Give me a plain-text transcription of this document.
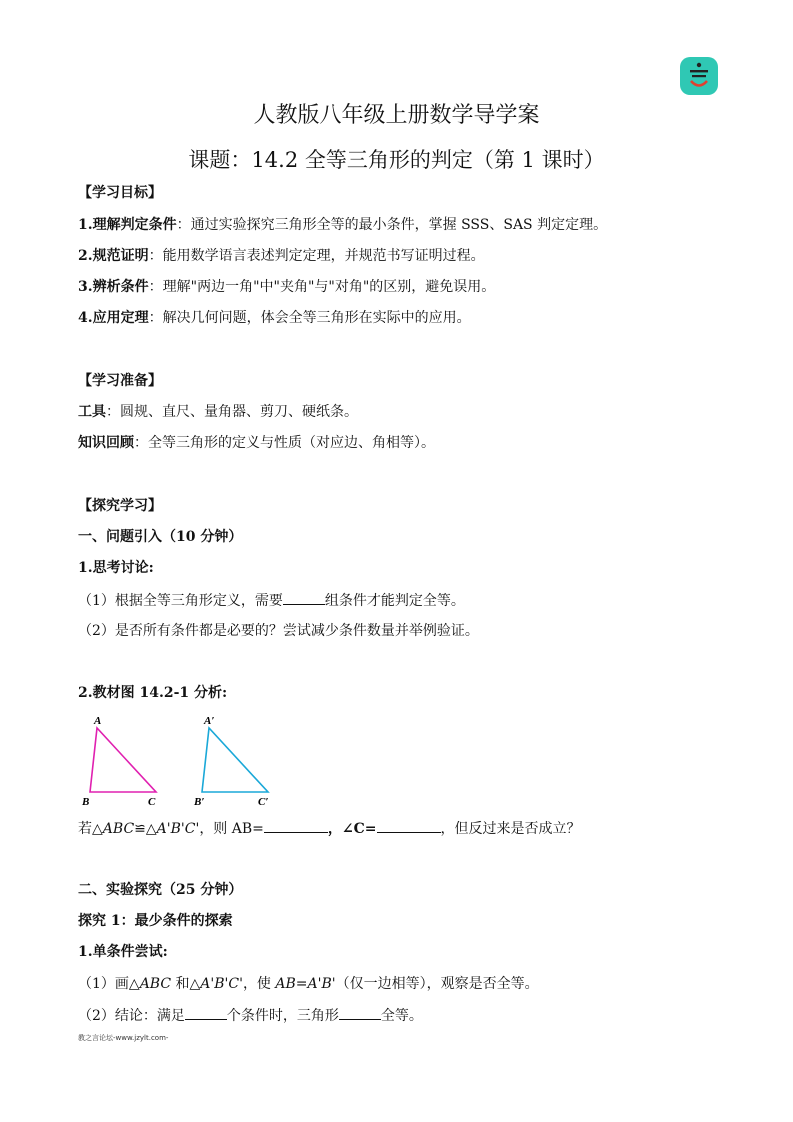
人教版八年级上册数学导学案
课题：14.2 全等三角形的判定（第 1 课时）
【学习目标】
1.理解判定条件：通过实验探究三角形全等的最小条件，掌握 SSS、SAS 判定定理。
2.规范证明：能用数学语言表述判定定理，并规范书写证明过程。
3.辨析条件：理解"两边一角"中"夹角"与"对角"的区别，避免误用。
4.应用定理：解决几何问题，体会全等三角形在实际中的应用。
【学习准备】
工具：圆规、直尺、量角器、剪刀、硬纸条。
知识回顾：全等三角形的定义与性质（对应边、角相等）。
【探究学习】
一、问题引入（10 分钟）
1.思考讨论:
（1）根据全等三角形定义，需要	组条件才能判定全等。
（2）是否所有条件都是必要的？尝试减少条件数量并举例验证。
2.教材图 14.2-1 分析:
A
B	C
A′
B′	C′
若△ABC≌△A'B'C'，则 AB=	，∠C=	，但反过来是否成立？
二、实验探究（25 分钟）
探究 1：最少条件的探索
1.单条件尝试:
（1）画△ABC 和△A'B'C'，使 AB=A'B'（仅一边相等），观察是否全等。
（2）结论：满足	个条件时，三角形	全等。
教之言论坛-www.jzylt.com-
